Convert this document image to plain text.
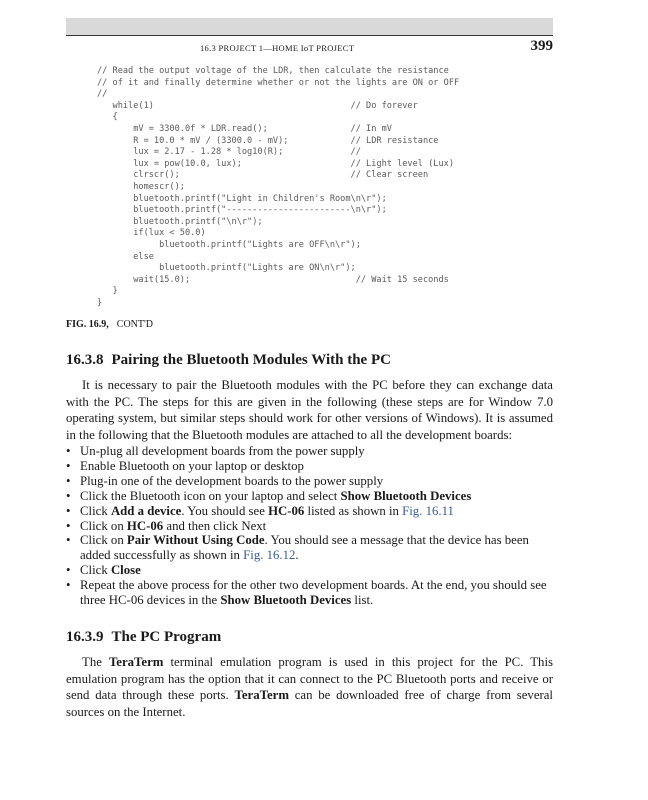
16.3 PROJECT 1—HOME IoT PROJECT	399
// Read the output voltage of the LDR, then calculate the resistance
// of it and finally determine whether or not the lights are ON or OFF
//
while(1)                                      // Do forever
{
mV = 3300.0f * LDR.read();                // In mV
R = 10.0 * mV / (3300.0 - mV);            // LDR resistance
lux = 2.17 - 1.28 * log10(R);             //
lux = pow(10.0, lux);                     // Light level (Lux)
clrscr();                                 // Clear screen
homescr();
bluetooth.printf("Light in Children's Room\n\r");
bluetooth.printf("------------------------\n\r");
bluetooth.printf("\n\r");
if(lux < 50.0)
bluetooth.printf("Lights are OFF\n\r");
else
bluetooth.printf("Lights are ON\n\r");
wait(15.0);                                // Wait 15 seconds
}
}
FIG. 16.9, CONT'D
16.3.8 Pairing the Bluetooth Modules With the PC

It is necessary to pair the Bluetooth modules with the PC before they can exchange data with the PC. The steps for this are given in the following (these steps are for Window 7.0 operating system, but similar steps should work for other versions of Windows). It is assumed in the following that the Bluetooth modules are attached to all the development boards:

• Un-plug all development boards from the power supply
• Enable Bluetooth on your laptop or desktop
• Plug-in one of the development boards to the power supply
• Click the Bluetooth icon on your laptop and select Show Bluetooth Devices
• Click Add a device. You should see HC-06 listed as shown in Fig. 16.11
• Click on HC-06 and then click Next
• Click on Pair Without Using Code. You should see a message that the device has been added successfully as shown in Fig. 16.12.
• Click Close
• Repeat the above process for the other two development boards. At the end, you should see three HC-06 devices in the Show Bluetooth Devices list.
16.3.9 The PC Program

The TeraTerm terminal emulation program is used in this project for the PC. This emulation program has the option that it can connect to the PC Bluetooth ports and receive or send data through these ports. TeraTerm can be downloaded free of charge from several sources on the Internet.
